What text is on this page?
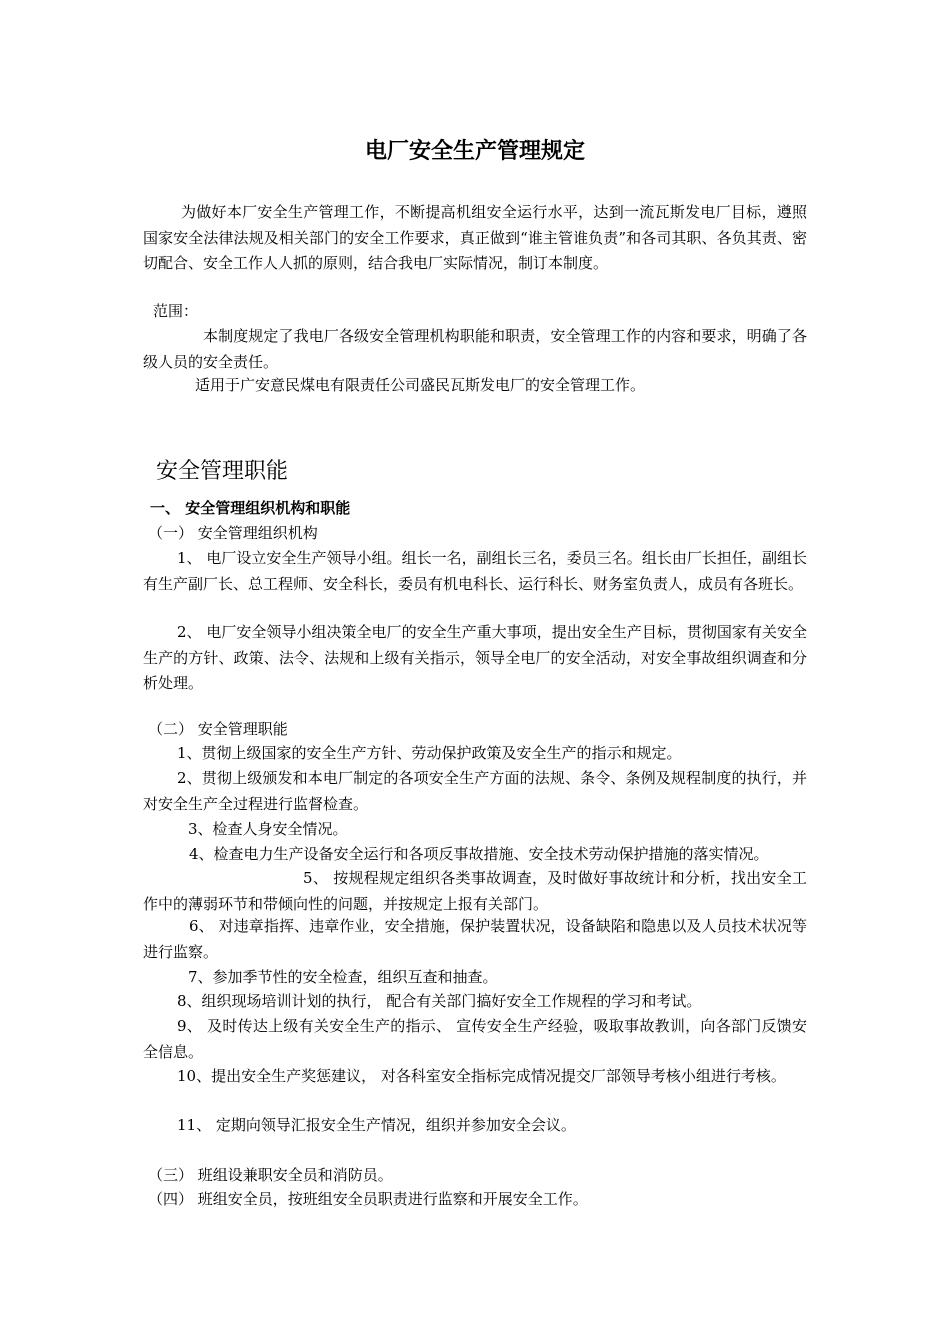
电厂安全生产管理规定

为做好本厂安全生产管理工作，不断提高机组安全运行水平，达到一流瓦斯发电厂目标，遵照国家安全法律法规及相关部门的安全工作要求，真正做到“谁主管谁负责”和各司其职、各负其责、密切配合、安全工作人人抓的原则，结合我电厂实际情况，制订本制度。

范围：

本制度规定了我电厂各级安全管理机构职能和职责，安全管理工作的内容和要求，明确了各级人员的安全责任。

适用于广安意民煤电有限责任公司盛民瓦斯发电厂的安全管理工作。

安全管理职能

一、 安全管理组织机构和职能

（一） 安全管理组织机构

1、 电厂设立安全生产领导小组。组长一名，副组长三名，委员三名。组长由厂长担任，副组长有生产副厂长、总工程师、安全科长，委员有机电科长、运行科长、财务室负责人，成员有各班长。

2、 电厂安全领导小组决策全电厂的安全生产重大事项，提出安全生产目标，贯彻国家有关安全生产的方针、政策、法令、法规和上级有关指示，领导全电厂的安全活动，对安全事故组织调查和分析处理。

（二） 安全管理职能

1、贯彻上级国家的安全生产方针、劳动保护政策及安全生产的指示和规定。

2、贯彻上级颁发和本电厂制定的各项安全生产方面的法规、条令、条例及规程制度的执行，并对安全生产全过程进行监督检查。

3、检查人身安全情况。

4、检查电力生产设备安全运行和各项反事故措施、安全技术劳动保护措施的落实情况。

5、 按规程规定组织各类事故调查，及时做好事故统计和分析，找出安全工作中的薄弱环节和带倾向性的问题，并按规定上报有关部门。

6、 对违章指挥、违章作业，安全措施，保护装置状况，设备缺陷和隐患以及人员技术状况等进行监察。

7、参加季节性的安全检查，组织互查和抽查。

8、组织现场培训计划的执行， 配合有关部门搞好安全工作规程的学习和考试。

9、 及时传达上级有关安全生产的指示、 宣传安全生产经验，吸取事故教训，向各部门反馈安全信息。

10、提出安全生产奖惩建议， 对各科室安全指标完成情况提交厂部领导考核小组进行考核。

11、 定期向领导汇报安全生产情况，组织并参加安全会议。

（三） 班组设兼职安全员和消防员。

（四） 班组安全员，按班组安全员职责进行监察和开展安全工作。
